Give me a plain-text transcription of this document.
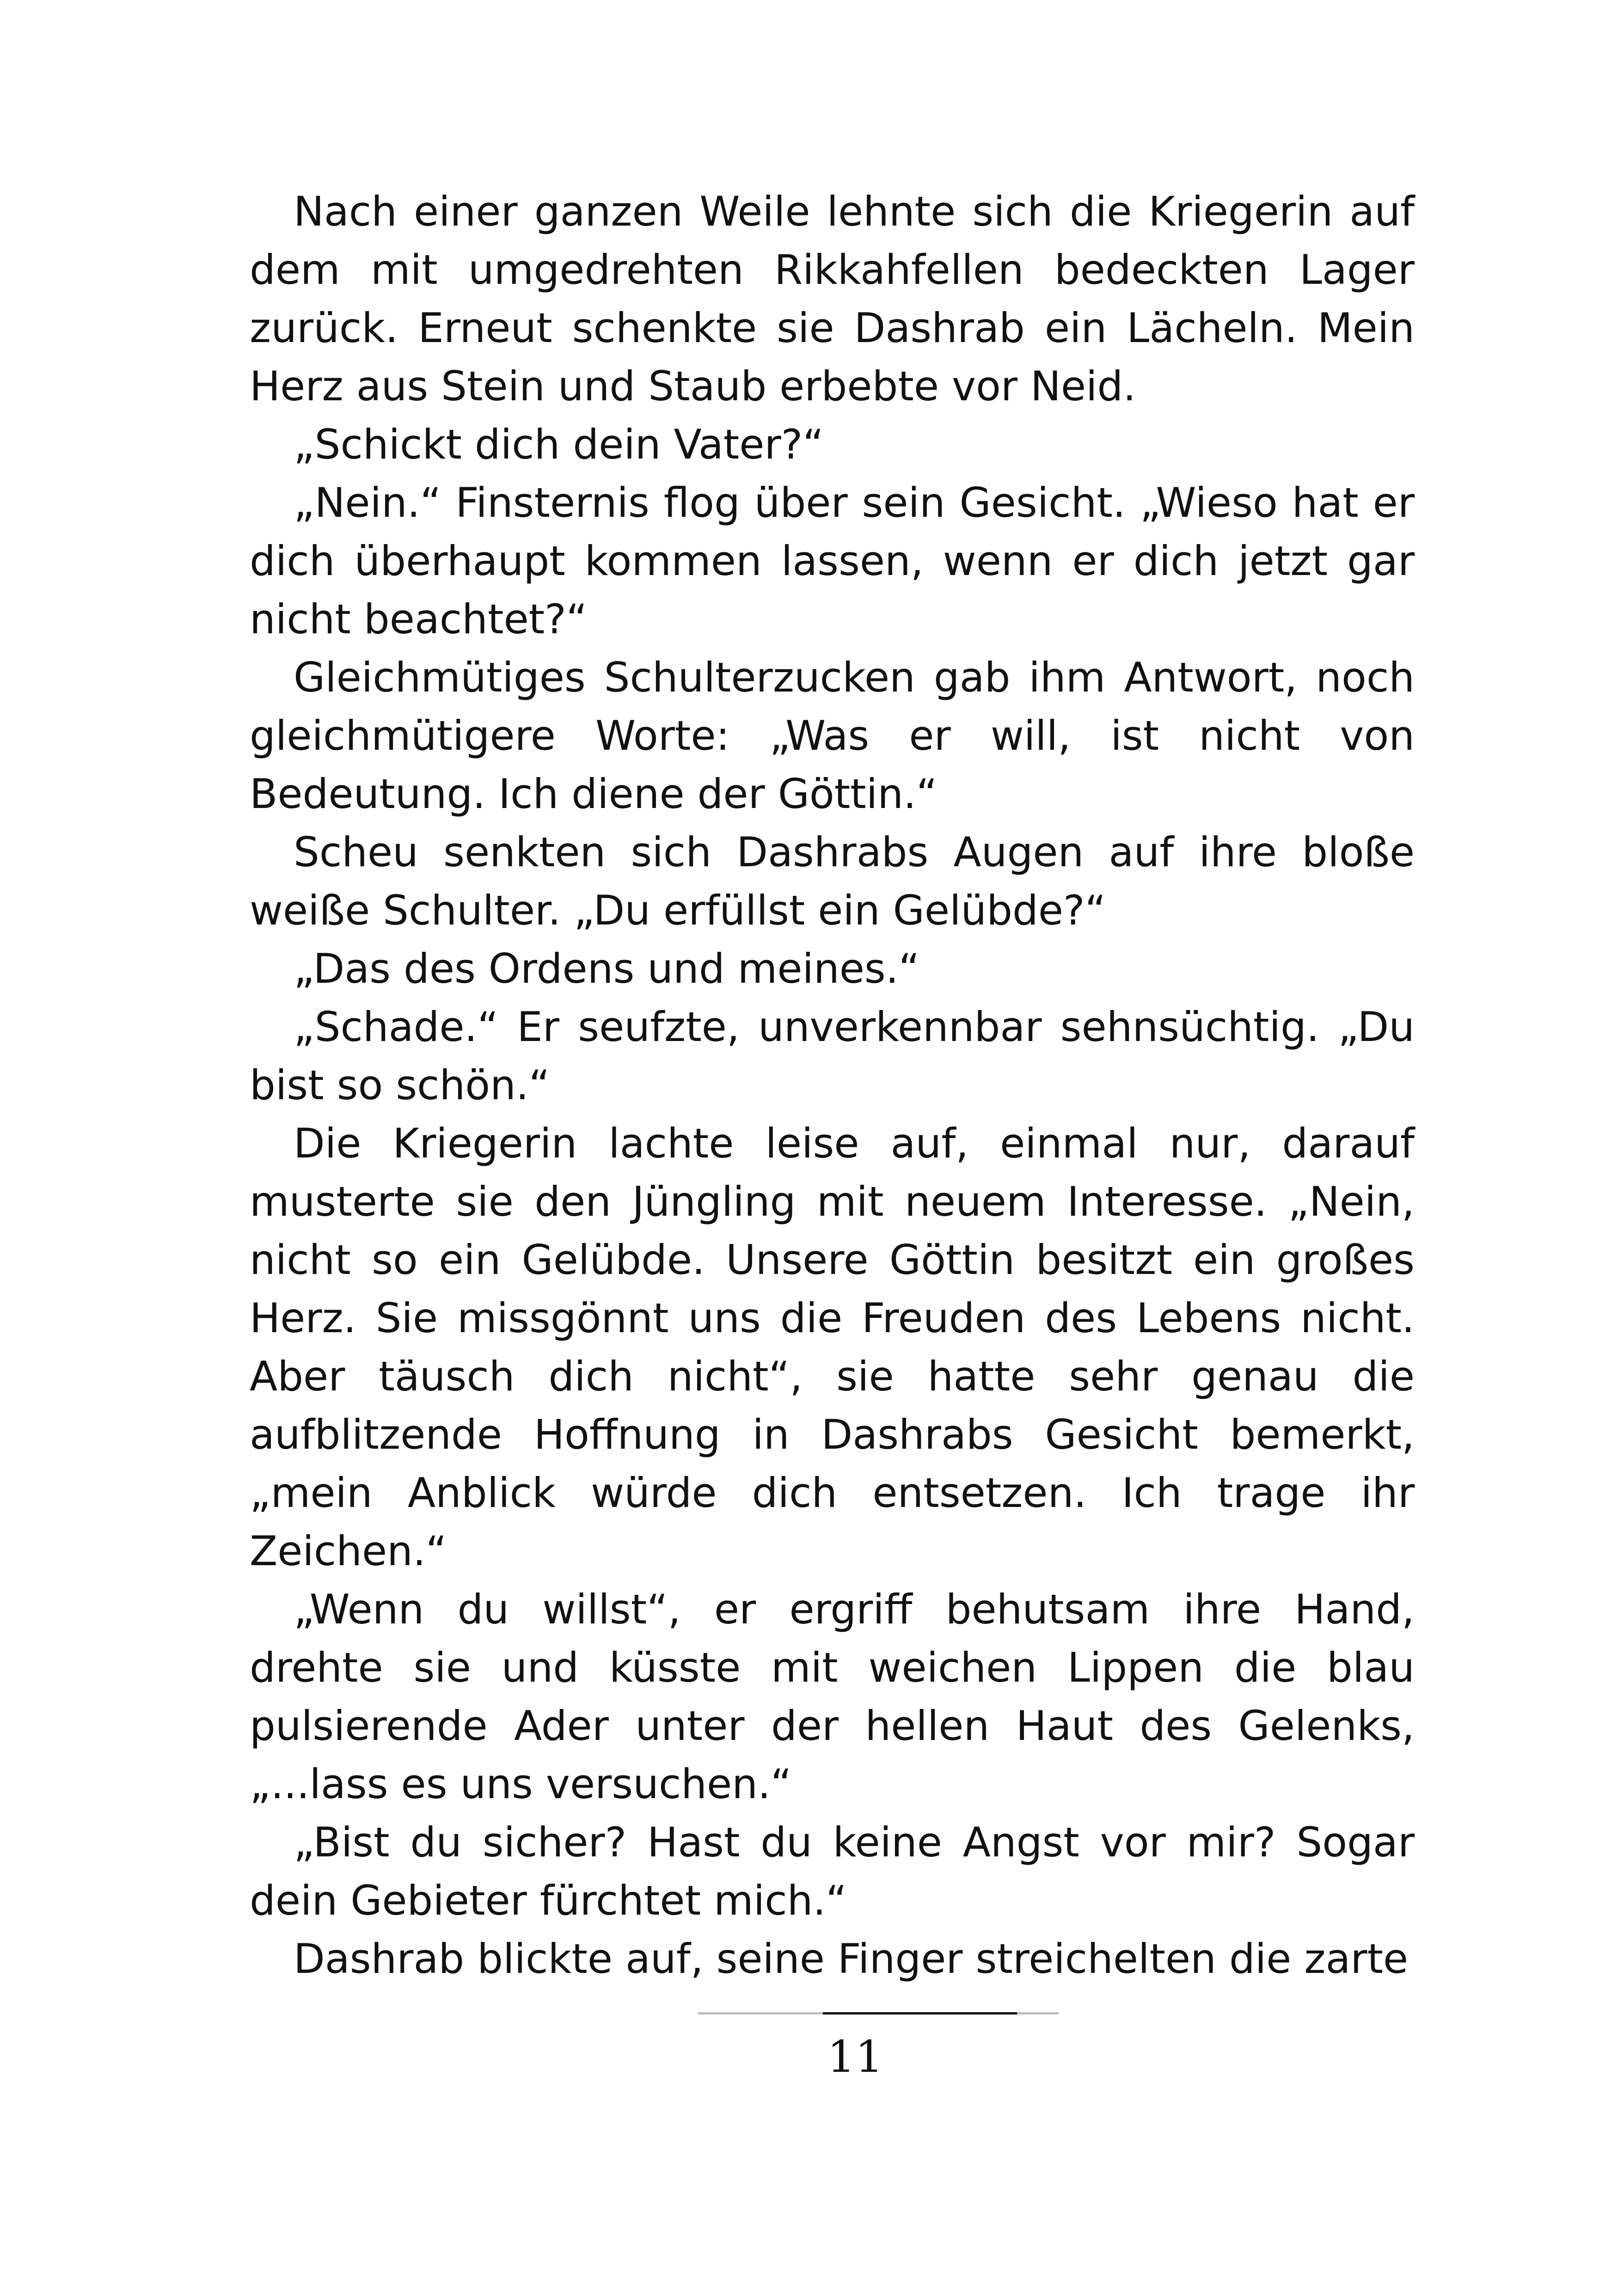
Nach einer ganzen Weile lehnte sich die Kriegerin auf dem mit umgedrehten Rikkahfellen bedeckten Lager zurück. Erneut schenkte sie Dashrab ein Lächeln. Mein Herz aus Stein und Staub erbebte vor Neid.

„Schickt dich dein Vater?“

„Nein.“ Finsternis flog über sein Gesicht. „Wieso hat er dich überhaupt kommen lassen, wenn er dich jetzt gar nicht beachtet?“

Gleichmütiges Schulterzucken gab ihm Antwort, noch gleichmütigere Worte: „Was er will, ist nicht von Bedeutung. Ich diene der Göttin.“

Scheu senkten sich Dashrabs Augen auf ihre bloße weiße Schulter. „Du erfüllst ein Gelübde?“

„Das des Ordens und meines.“

„Schade.“ Er seufzte, unverkennbar sehnsüchtig. „Du bist so schön.“

Die Kriegerin lachte leise auf, einmal nur, darauf musterte sie den Jüngling mit neuem Interesse. „Nein, nicht so ein Gelübde. Unsere Göttin besitzt ein großes Herz. Sie missgönnt uns die Freuden des Lebens nicht. Aber täusch dich nicht“, sie hatte sehr genau die aufblitzende Hoffnung in Dashrabs Gesicht bemerkt, „mein Anblick würde dich entsetzen. Ich trage ihr Zeichen.“

„Wenn du willst“, er ergriff behutsam ihre Hand, drehte sie und küsste mit weichen Lippen die blau pulsierende Ader unter der hellen Haut des Gelenks, „...lass es uns versuchen.“

„Bist du sicher? Hast du keine Angst vor mir? Sogar dein Gebieter fürchtet mich.“

Dashrab blickte auf, seine Finger streichelten die zarte

11
